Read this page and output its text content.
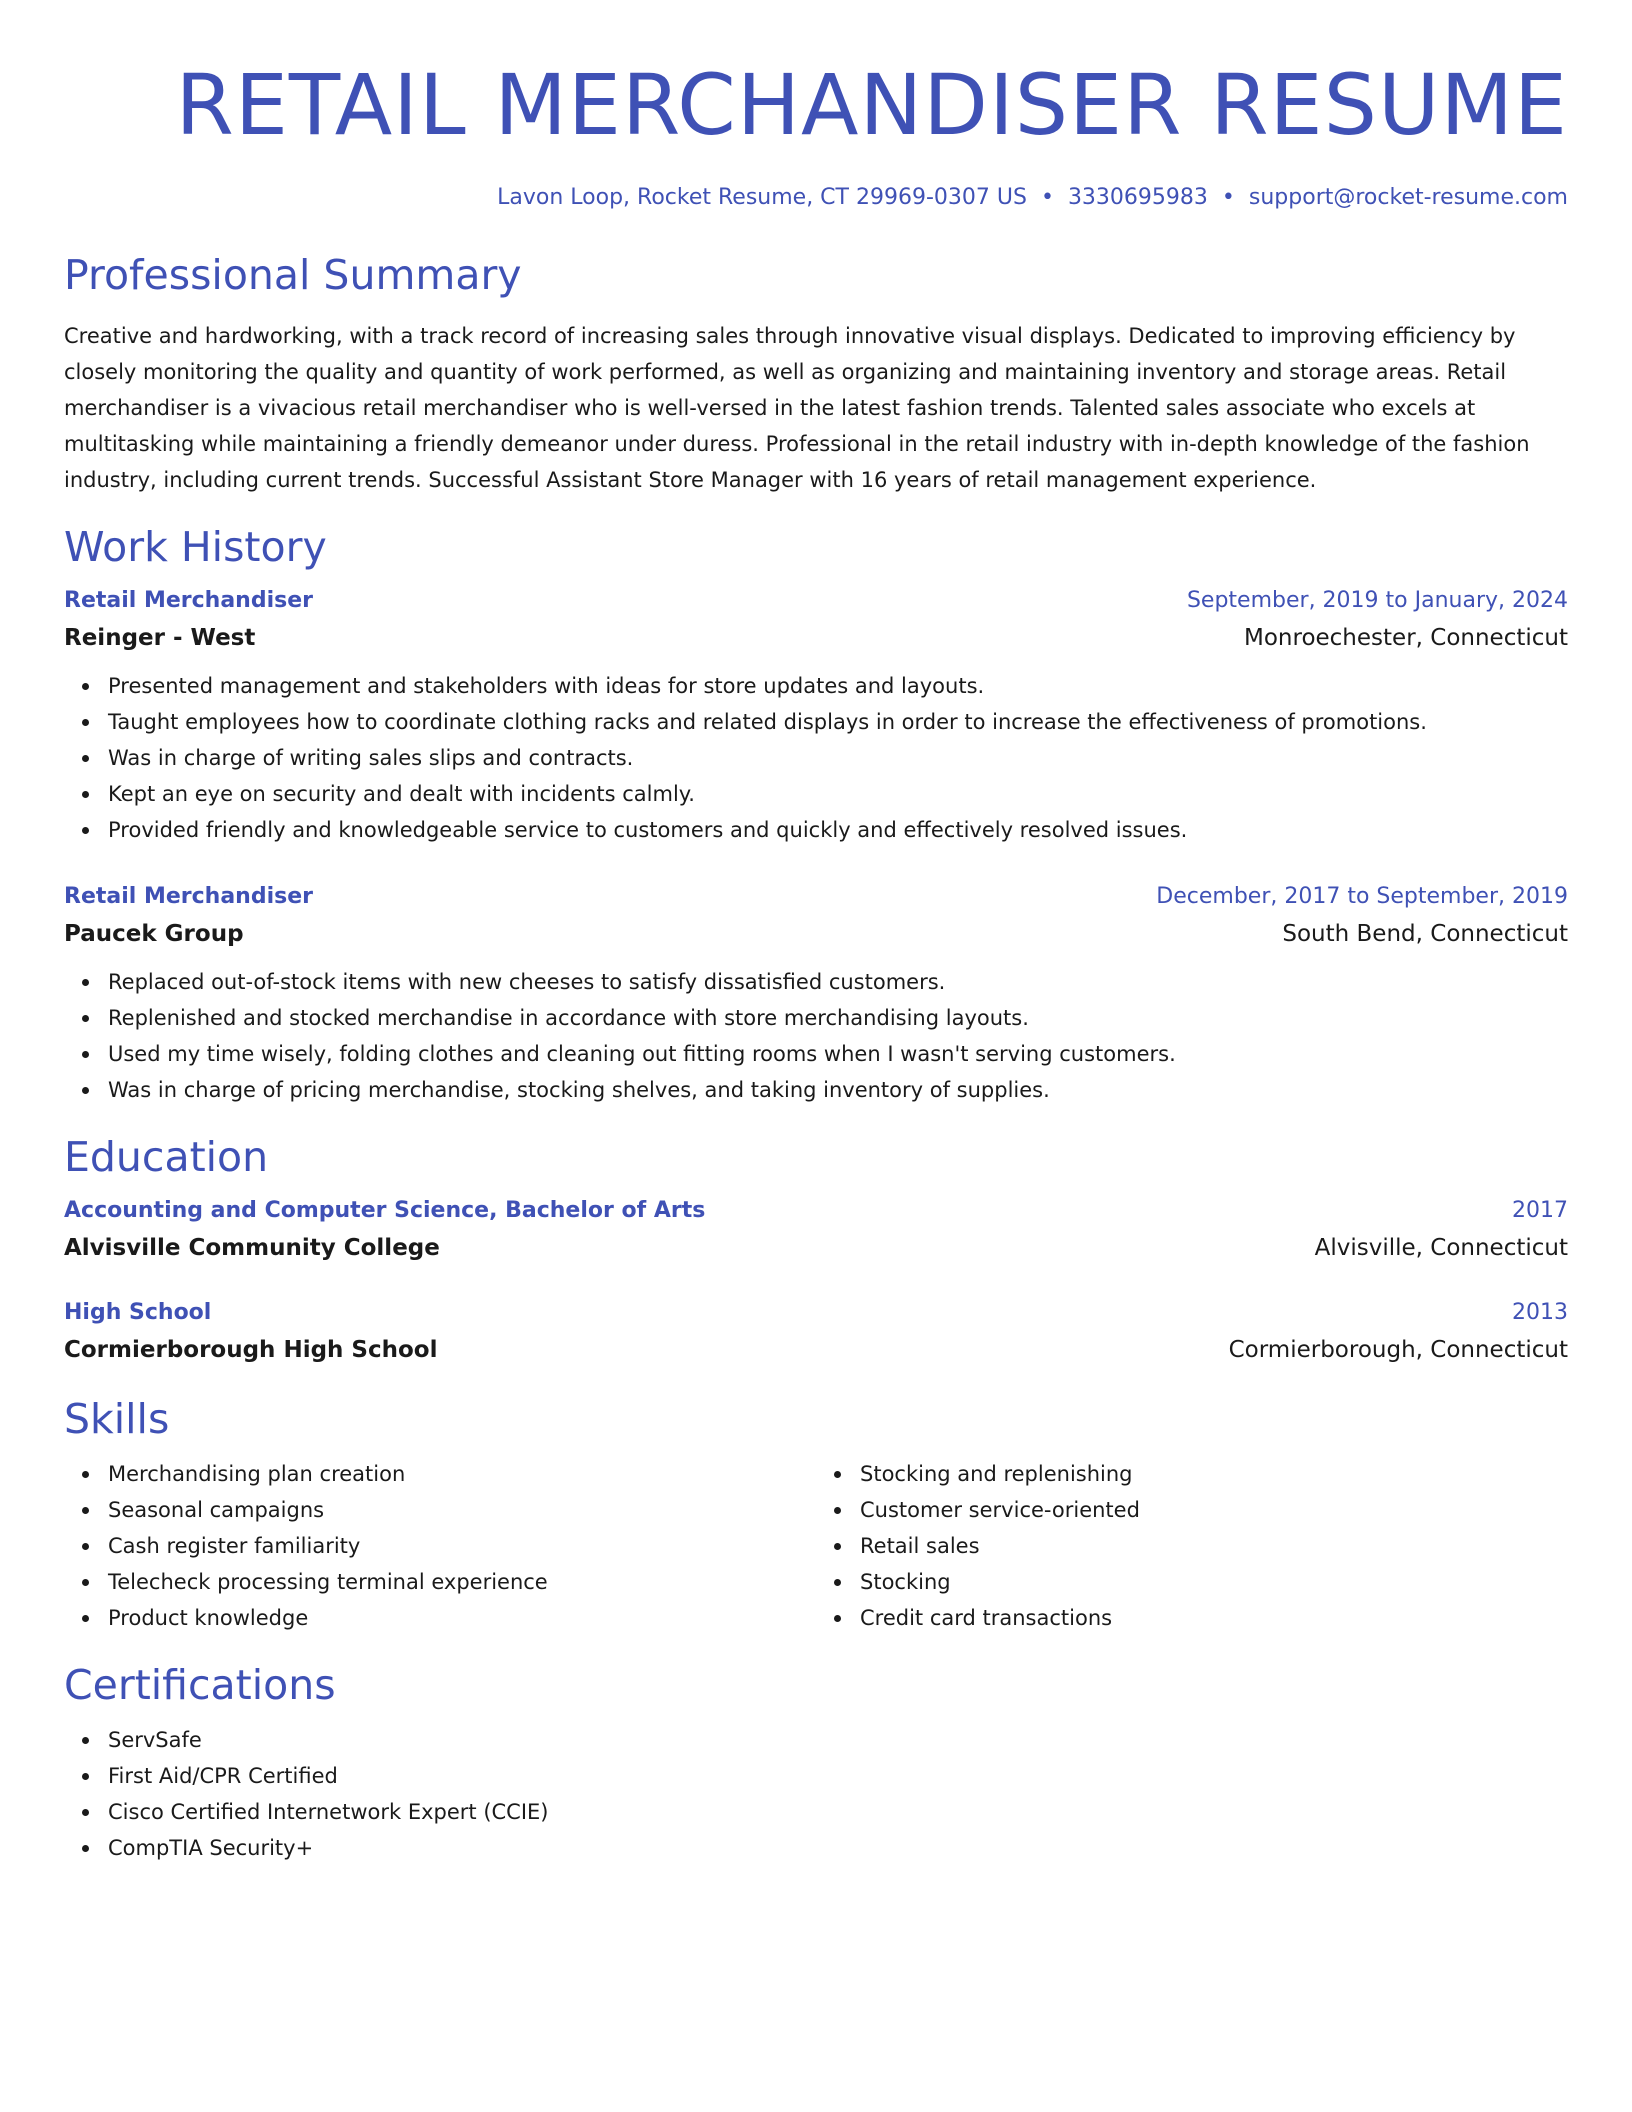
RETAIL MERCHANDISER RESUME
Lavon Loop, Rocket Resume, CT 29969-0307 US • 3330695983 • support@rocket-resume.com
Professional Summary

Creative and hardworking, with a track record of increasing sales through innovative visual displays. Dedicated to improving efficiency by closely monitoring the quality and quantity of work performed, as well as organizing and maintaining inventory and storage areas. Retail merchandiser is a vivacious retail merchandiser who is well-versed in the latest fashion trends. Talented sales associate who excels at multitasking while maintaining a friendly demeanor under duress. Professional in the retail industry with in-depth knowledge of the fashion industry, including current trends. Successful Assistant Store Manager with 16 years of retail management experience.

Work History
Retail Merchandiser	September, 2019 to January, 2024
Reinger - West	Monroechester, Connecticut
Presented management and stakeholders with ideas for store updates and layouts.
Taught employees how to coordinate clothing racks and related displays in order to increase the effectiveness of promotions.
Was in charge of writing sales slips and contracts.
Kept an eye on security and dealt with incidents calmly.
Provided friendly and knowledgeable service to customers and quickly and effectively resolved issues.
Retail Merchandiser	December, 2017 to September, 2019
Paucek Group	South Bend, Connecticut
Replaced out-of-stock items with new cheeses to satisfy dissatisfied customers.
Replenished and stocked merchandise in accordance with store merchandising layouts.
Used my time wisely, folding clothes and cleaning out fitting rooms when I wasn't serving customers.
Was in charge of pricing merchandise, stocking shelves, and taking inventory of supplies.
Education
Accounting and Computer Science, Bachelor of Arts	2017
Alvisville Community College	Alvisville, Connecticut
High School	2013
Cormierborough High School	Cormierborough, Connecticut
Skills
Merchandising plan creation
Seasonal campaigns
Cash register familiarity
Telecheck processing terminal experience
Product knowledge
Stocking and replenishing
Customer service-oriented
Retail sales
Stocking
Credit card transactions
Certifications
ServSafe
First Aid/CPR Certified
Cisco Certified Internetwork Expert (CCIE)
CompTIA Security+
